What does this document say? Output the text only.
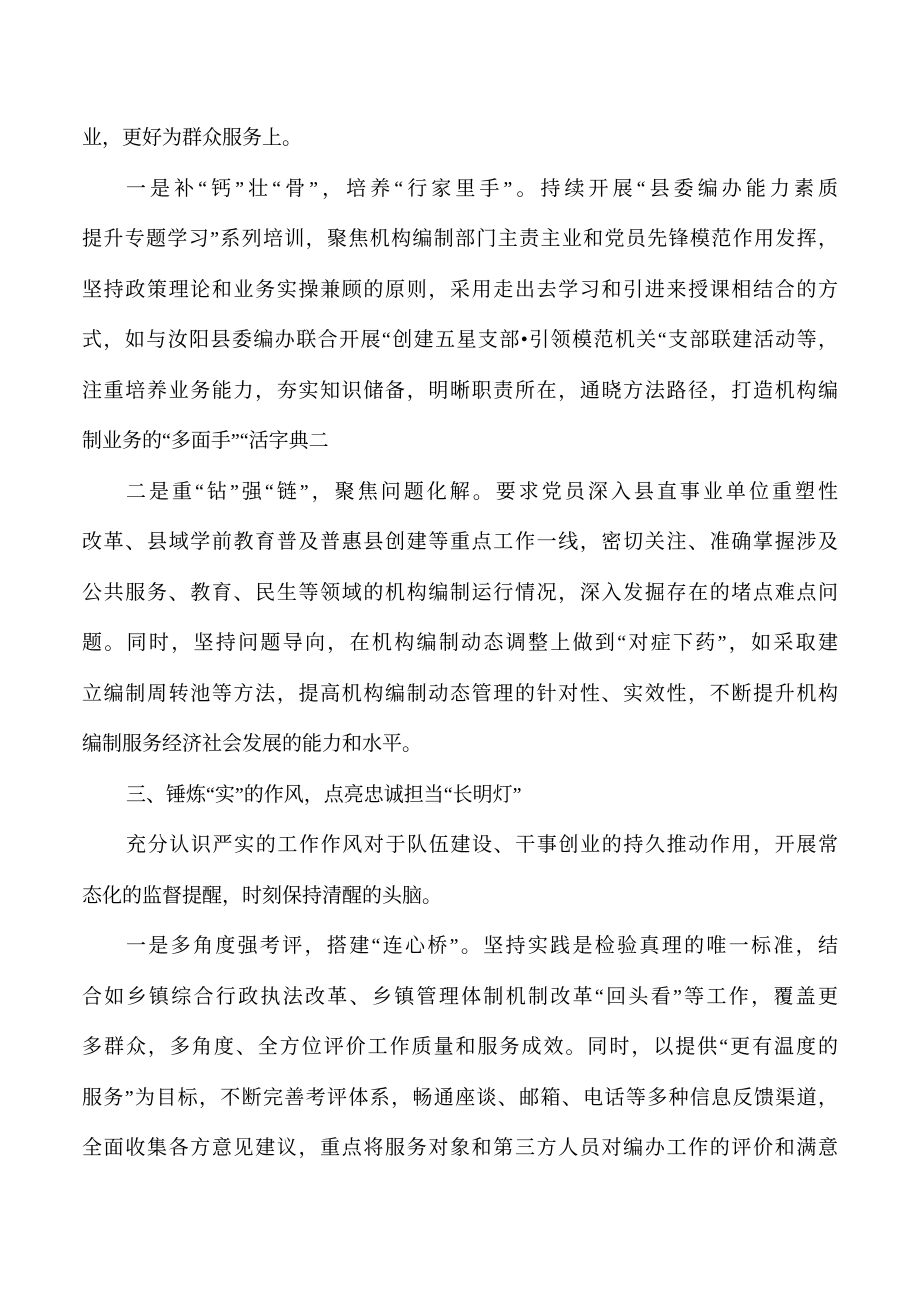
业，更好为群众服务上。
一是补“钙”壮“骨”，培养“行家里手”。持续开展“县委编办能力素质
提升专题学习”系列培训，聚焦机构编制部门主责主业和党员先锋模范作用发挥，
坚持政策理论和业务实操兼顾的原则，采用走出去学习和引进来授课相结合的方
式，如与汝阳县委编办联合开展“创建五星支部•引领模范机关“支部联建活动等，
注重培养业务能力，夯实知识储备，明晰职责所在，通晓方法路径，打造机构编
制业务的“多面手”“活字典二
二是重“钻”强“链”，聚焦问题化解。要求党员深入县直事业单位重塑性
改革、县域学前教育普及普惠县创建等重点工作一线，密切关注、准确掌握涉及
公共服务、教育、民生等领域的机构编制运行情况，深入发掘存在的堵点难点问
题。同时，坚持问题导向，在机构编制动态调整上做到“对症下药”，如采取建
立编制周转池等方法，提高机构编制动态管理的针对性、实效性，不断提升机构
编制服务经济社会发展的能力和水平。
三、锤炼“实”的作风，点亮忠诚担当“长明灯”
充分认识严实的工作作风对于队伍建设、干事创业的持久推动作用，开展常
态化的监督提醒，时刻保持清醒的头脑。
一是多角度强考评，搭建“连心桥”。坚持实践是检验真理的唯一标准，结
合如乡镇综合行政执法改革、乡镇管理体制机制改革“回头看”等工作，覆盖更
多群众，多角度、全方位评价工作质量和服务成效。同时，以提供“更有温度的
服务”为目标，不断完善考评体系，畅通座谈、邮箱、电话等多种信息反馈渠道，
全面收集各方意见建议，重点将服务对象和第三方人员对编办工作的评价和满意
